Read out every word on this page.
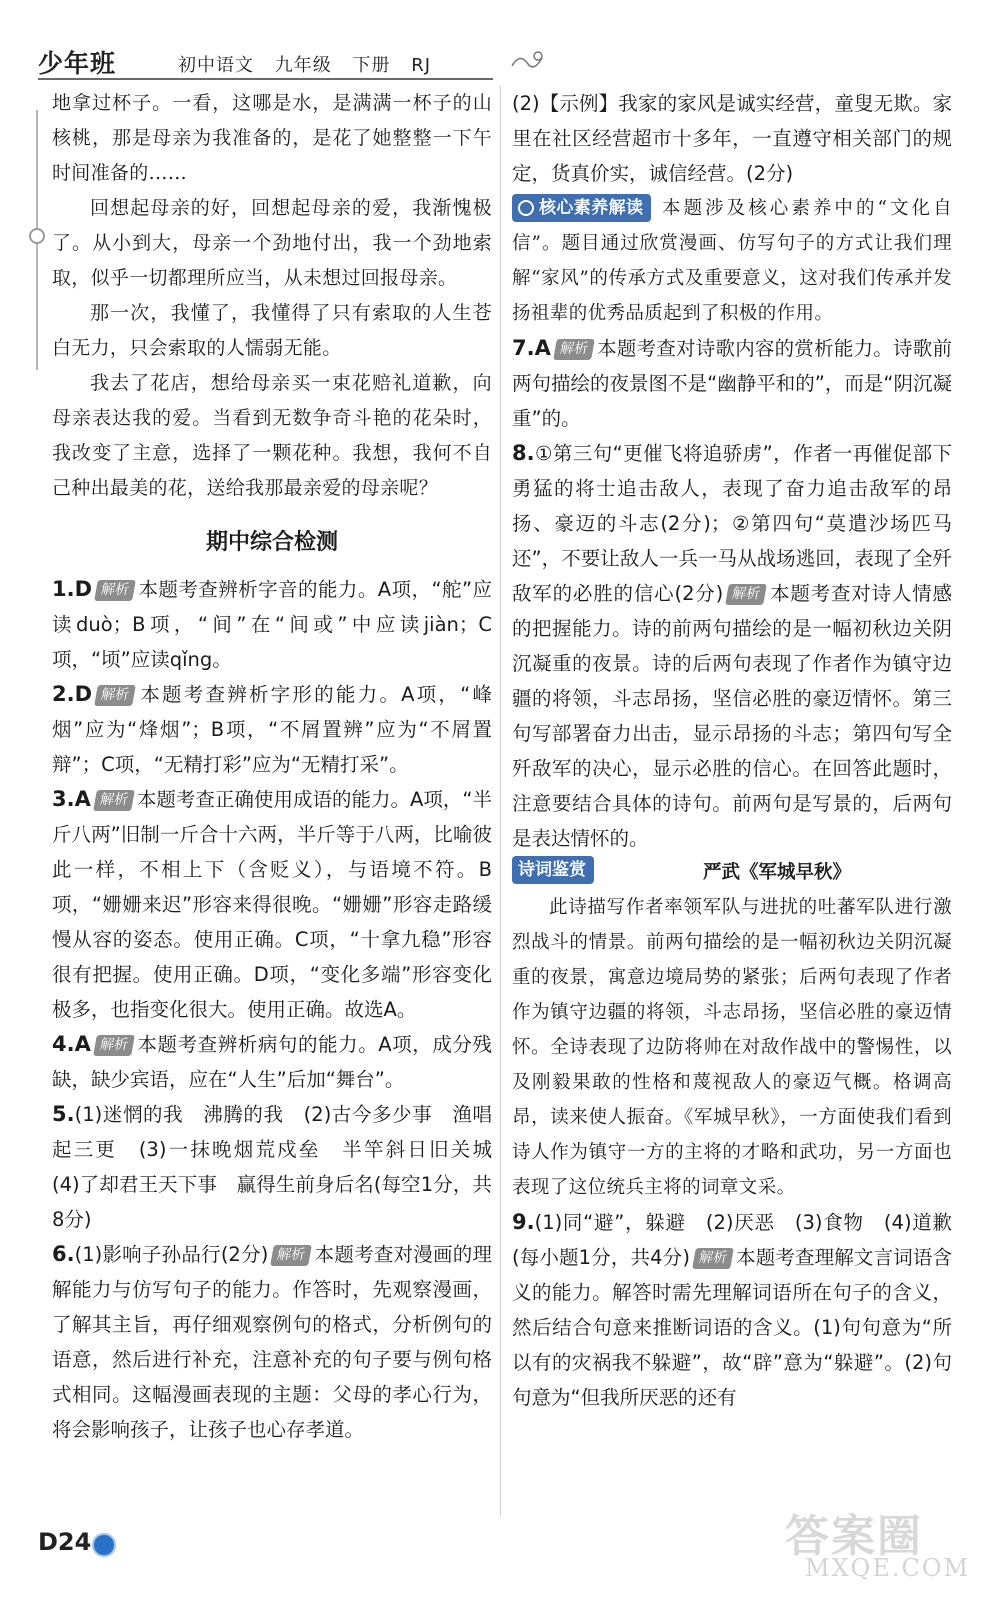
少年班	初中语文 九年级 下册 RJ

地拿过杯子。一看，这哪是水，是满满一杯子的山核桃，那是母亲为我准备的，是花了她整整一下午时间准备的……

回想起母亲的好，回想起母亲的爱，我渐愧极了。从小到大，母亲一个劲地付出，我一个劲地索取，似乎一切都理所应当，从未想过回报母亲。

那一次，我懂了，我懂得了只有索取的人生苍白无力，只会索取的人懦弱无能。

我去了花店，想给母亲买一束花赔礼道歉，向母亲表达我的爱。当看到无数争奇斗艳的花朵时，我改变了主意，选择了一颗花种。我想，我何不自己种出最美的花，送给我那最亲爱的母亲呢？

期中综合检测

1.D 解析 本题考查辨析字音的能力。A项，“舵”应读duò；B项，“间”在“间或”中应读jiàn；C项，“顷”应读qǐng。

2.D 解析 本题考查辨析字形的能力。A项，“峰烟”应为“烽烟”；B项，“不屑置辨”应为“不屑置辩”；C项，“无精打彩”应为“无精打采”。

3.A 解析 本题考查正确使用成语的能力。A项，“半斤八两”旧制一斤合十六两，半斤等于八两，比喻彼此一样，不相上下（含贬义），与语境不符。B项，“姗姗来迟”形容来得很晚。“姗姗”形容走路缓慢从容的姿态。使用正确。C项，“十拿九稳”形容很有把握。使用正确。D项，“变化多端”形容变化极多，也指变化很大。使用正确。故选A。

4.A 解析 本题考查辨析病句的能力。A项，成分残缺，缺少宾语，应在“人生”后加“舞台”。

5.(1)迷惘的我　沸腾的我　(2)古今多少事　渔唱起三更　(3)一抹晚烟荒戍垒　半竿斜日旧关城　(4)了却君王天下事　赢得生前身后名(每空1分，共8分)

6.(1)影响子孙品行(2分) 解析 本题考查对漫画的理解能力与仿写句子的能力。作答时，先观察漫画，了解其主旨，再仔细观察例句的格式，分析例句的语意，然后进行补充，注意补充的句子要与例句格式相同。这幅漫画表现的主题：父母的孝心行为，将会影响孩子，让孩子也心存孝道。

(2)【示例】我家的家风是诚实经营，童叟无欺。家里在社区经营超市十多年，一直遵守相关部门的规定，货真价实，诚信经营。(2分)

核心素养解读 本题涉及核心素养中的“文化自信”。题目通过欣赏漫画、仿写句子的方式让我们理解“家风”的传承方式及重要意义，这对我们传承并发扬祖辈的优秀品质起到了积极的作用。

7.A 解析 本题考查对诗歌内容的赏析能力。诗歌前两句描绘的夜景图不是“幽静平和的”，而是“阴沉凝重”的。

8.①第三句“更催飞将追骄虏”，作者一再催促部下勇猛的将士追击敌人，表现了奋力追击敌军的昂扬、豪迈的斗志(2分)；②第四句“莫遣沙场匹马还”，不要让敌人一兵一马从战场逃回，表现了全歼敌军的必胜的信心(2分) 解析 本题考查对诗人情感的把握能力。诗的前两句描绘的是一幅初秋边关阴沉凝重的夜景。诗的后两句表现了作者作为镇守边疆的将领，斗志昂扬，坚信必胜的豪迈情怀。第三句写部署奋力出击，显示昂扬的斗志；第四句写全歼敌军的决心，显示必胜的信心。在回答此题时，注意要结合具体的诗句。前两句是写景的，后两句是表达情怀的。

诗词鉴赏	严武《军城早秋》

此诗描写作者率领军队与进扰的吐蕃军队进行激烈战斗的情景。前两句描绘的是一幅初秋边关阴沉凝重的夜景，寓意边境局势的紧张；后两句表现了作者作为镇守边疆的将领，斗志昂扬，坚信必胜的豪迈情怀。全诗表现了边防将帅在对敌作战中的警惕性，以及刚毅果敢的性格和蔑视敌人的豪迈气概。格调高昂，读来使人振奋。《军城早秋》，一方面使我们看到诗人作为镇守一方的主将的才略和武功，另一方面也表现了这位统兵主将的词章文采。

9.(1)同“避”，躲避　(2)厌恶　(3)食物　(4)道歉(每小题1分，共4分) 解析 本题考查理解文言词语含义的能力。解答时需先理解词语所在句子的含义，然后结合句意来推断词语的含义。(1)句句意为“所以有的灾祸我不躲避”，故“辟”意为“躲避”。(2)句句意为“但我所厌恶的还有

D24	答案圈
MXQE.COM
